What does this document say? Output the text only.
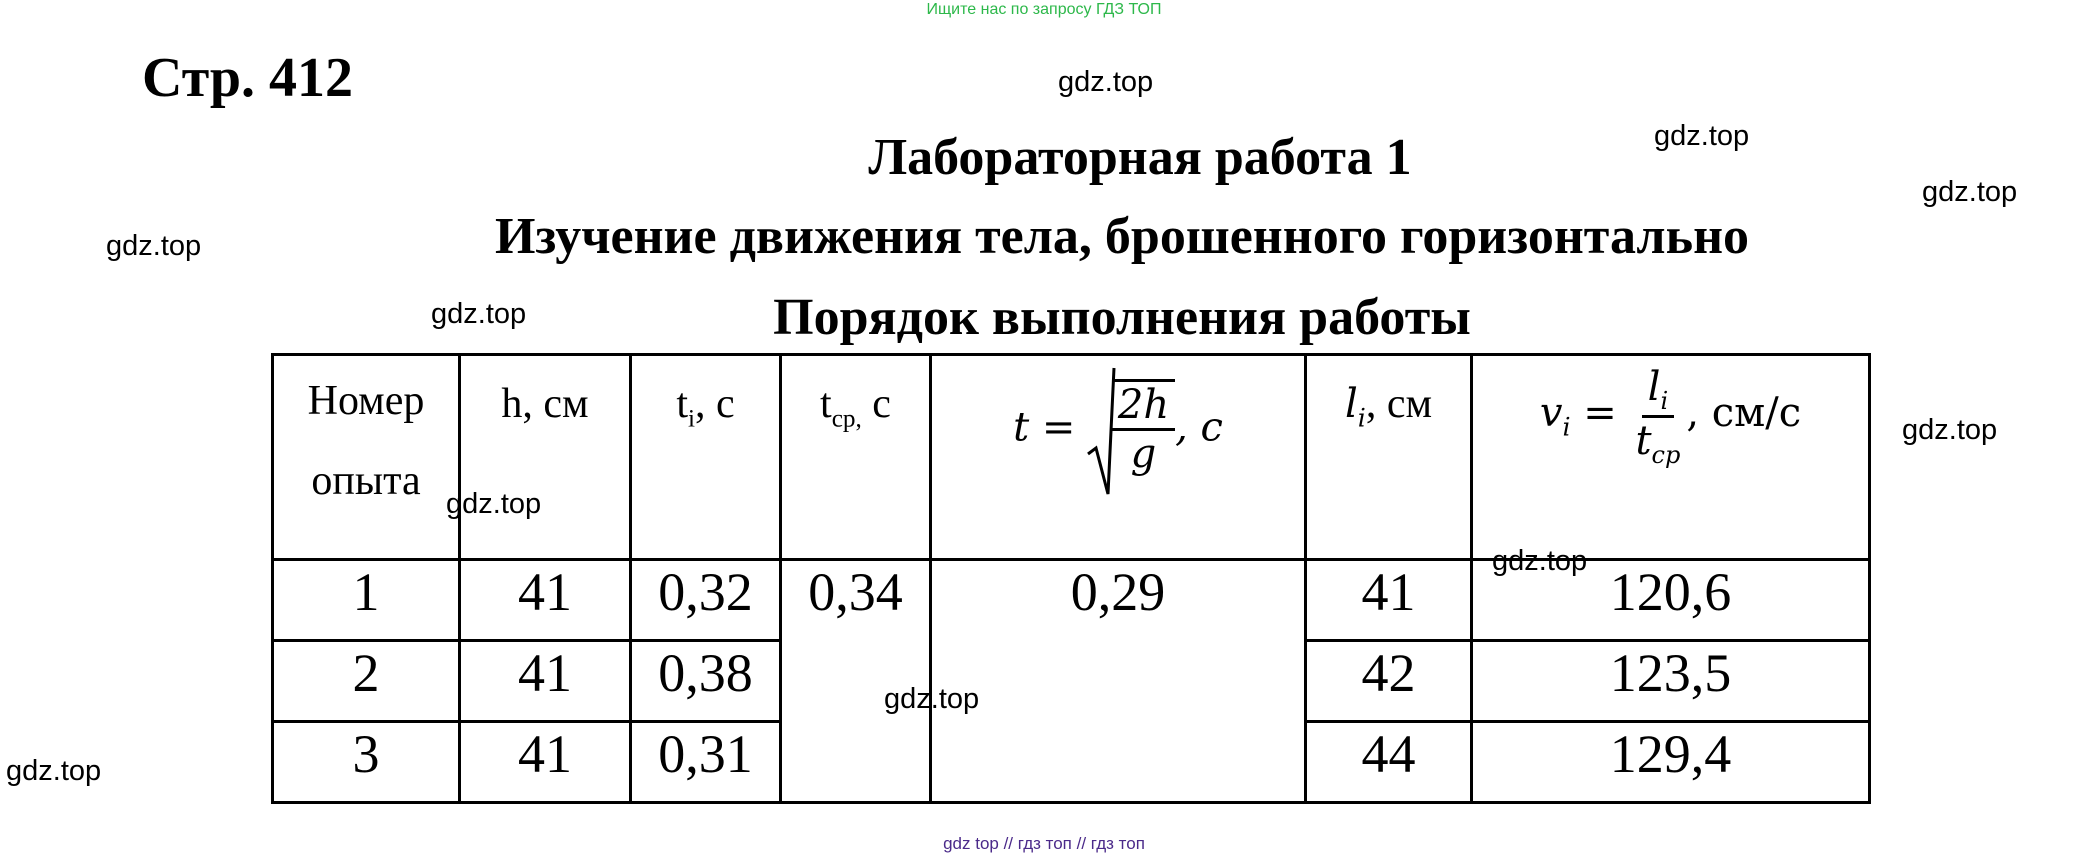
Ищите нас по запросу ГДЗ ТОП
Стр. 412
Лабораторная работа 1
Изучение движения тела, брошенного горизонтально
Порядок выполнения работы
Номер опыта	h, см	$t_i$, с	$t_{ср,}$ с	$t = \frac{2h}{g}$ , c	$l_i$, см	$v_i = \frac{l_i}{t_{cp}}$ , см/с
1	41	0,32	0,34	0,29	41	120,6
2	41	0,38			42	123,5
3	41	0,31			44	129,4
gdz.top
gdz.top
gdz.top
gdz.top
gdz.top
gdz.top
gdz.top
gdz.top
gdz.top
gdz.top
gdz top // гдз топ // гдз топ
